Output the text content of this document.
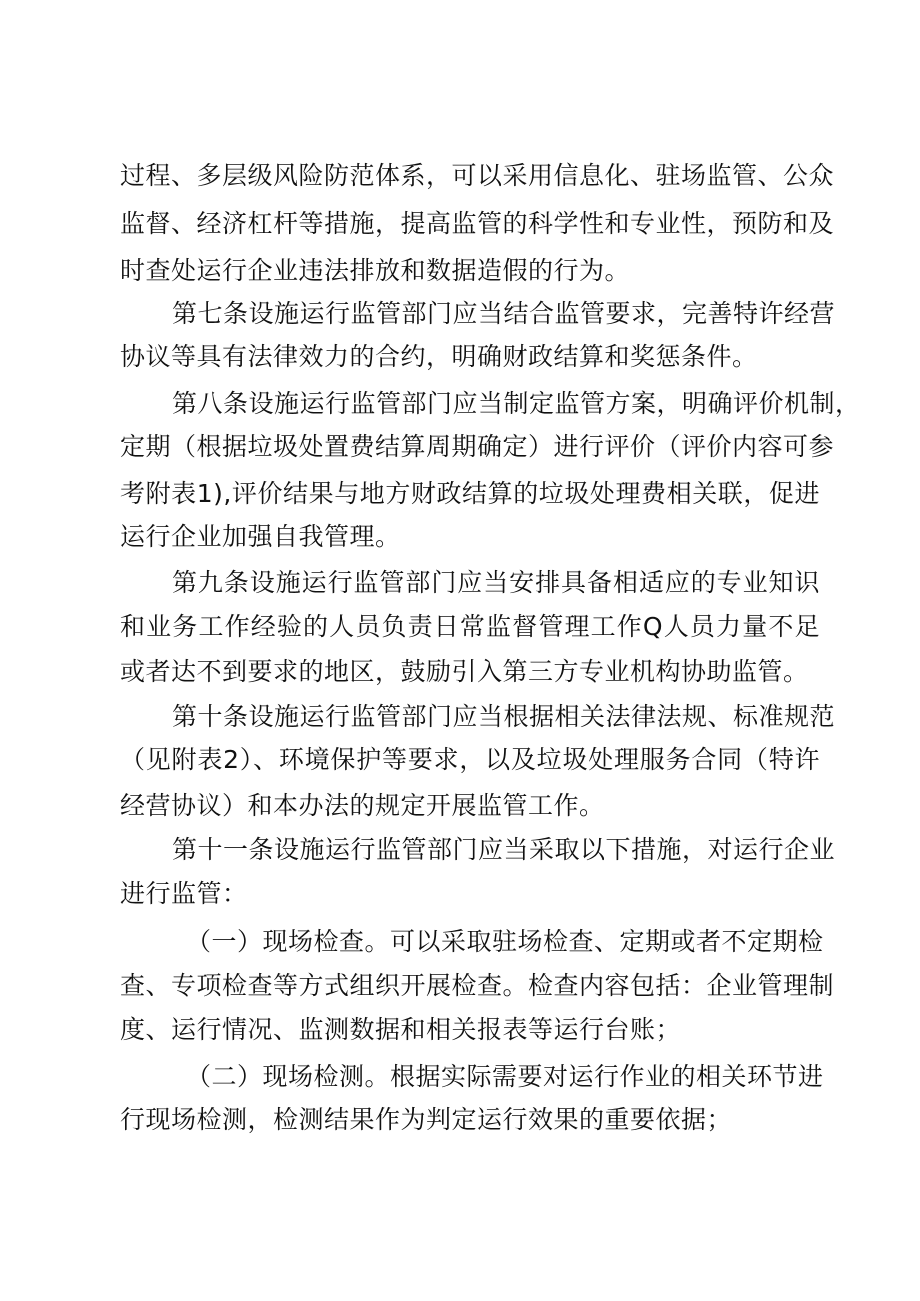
过程、多层级风险防范体系，可以采用信息化、驻场监管、公众
监督、经济杠杆等措施，提高监管的科学性和专业性，预防和及
时查处运行企业违法排放和数据造假的行为。
第七条设施运行监管部门应当结合监管要求，完善特许经营
协议等具有法律效力的合约，明确财政结算和奖惩条件。
第八条设施运行监管部门应当制定监管方案，明确评价机制，
定期（根据垃圾处置费结算周期确定）进行评价（评价内容可参
考附表1),评价结果与地方财政结算的垃圾处理费相关联，促进
运行企业加强自我管理。
第九条设施运行监管部门应当安排具备相适应的专业知识
和业务工作经验的人员负责日常监督管理工作Q人员力量不足
或者达不到要求的地区，鼓励引入第三方专业机构协助监管。
第十条设施运行监管部门应当根据相关法律法规、标准规范
（见附表2）、环境保护等要求，以及垃圾处理服务合同（特许
经营协议）和本办法的规定开展监管工作。
第十一条设施运行监管部门应当采取以下措施，对运行企业
进行监管：
（一）现场检查。可以采取驻场检查、定期或者不定期检
查、专项检查等方式组织开展检查。检查内容包括：企业管理制
度、运行情况、监测数据和相关报表等运行台账；
（二）现场检测。根据实际需要对运行作业的相关环节进
行现场检测，检测结果作为判定运行效果的重要依据；
